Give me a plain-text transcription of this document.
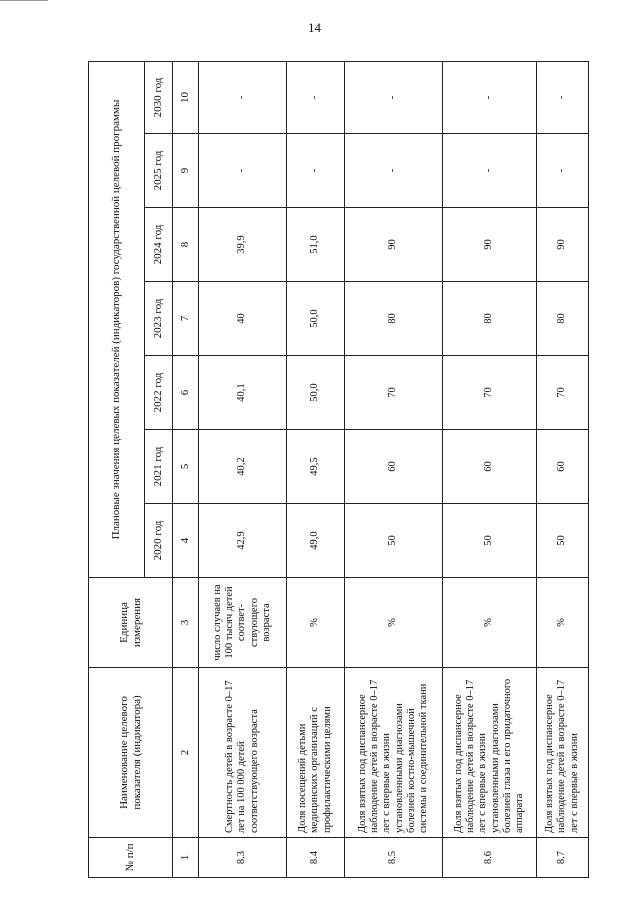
14
№ п/п	Наименование целевого показателя (индикатора)	Единица измерения	Плановые значения целевых показателей (индикаторов) государственной целевой программы						
			2020 год	2021 год	2022 год	2023 год	2024 год	2025 год	2030 год
1	2	3	4	5	6	7	8	9	10
8.3	Смертность детей в возрасте 0–17 лет на 100 000 детей соответствующего возраста	число случаев на 100 тысяч детей соответ-ствующего возраста	42,9	40,2	40,1	40	39,9	-	-
8.4	Доля посещений детьми медицинских организаций с профилактическими целями	%	49,0	49,5	50,0	50,0	51,0	-	-
8.5	Доля взятых под диспансерное наблюдение детей в возрасте 0–17 лет с впервые в жизни установленными диагнозами болезней костно-мышечной системы и соединительной ткани	%	50	60	70	80	90	-	-
8.6	Доля взятых под диспансерное наблюдение детей в возрасте 0–17 лет с впервые в жизни установленными диагнозами болезней глаза и его придаточного аппарата	%	50	60	70	80	90	-	-
8.7	Доля взятых под диспансерное наблюдение детей в возрасте 0–17 лет с впервые в жизни	%	50	60	70	80	90	-	-
